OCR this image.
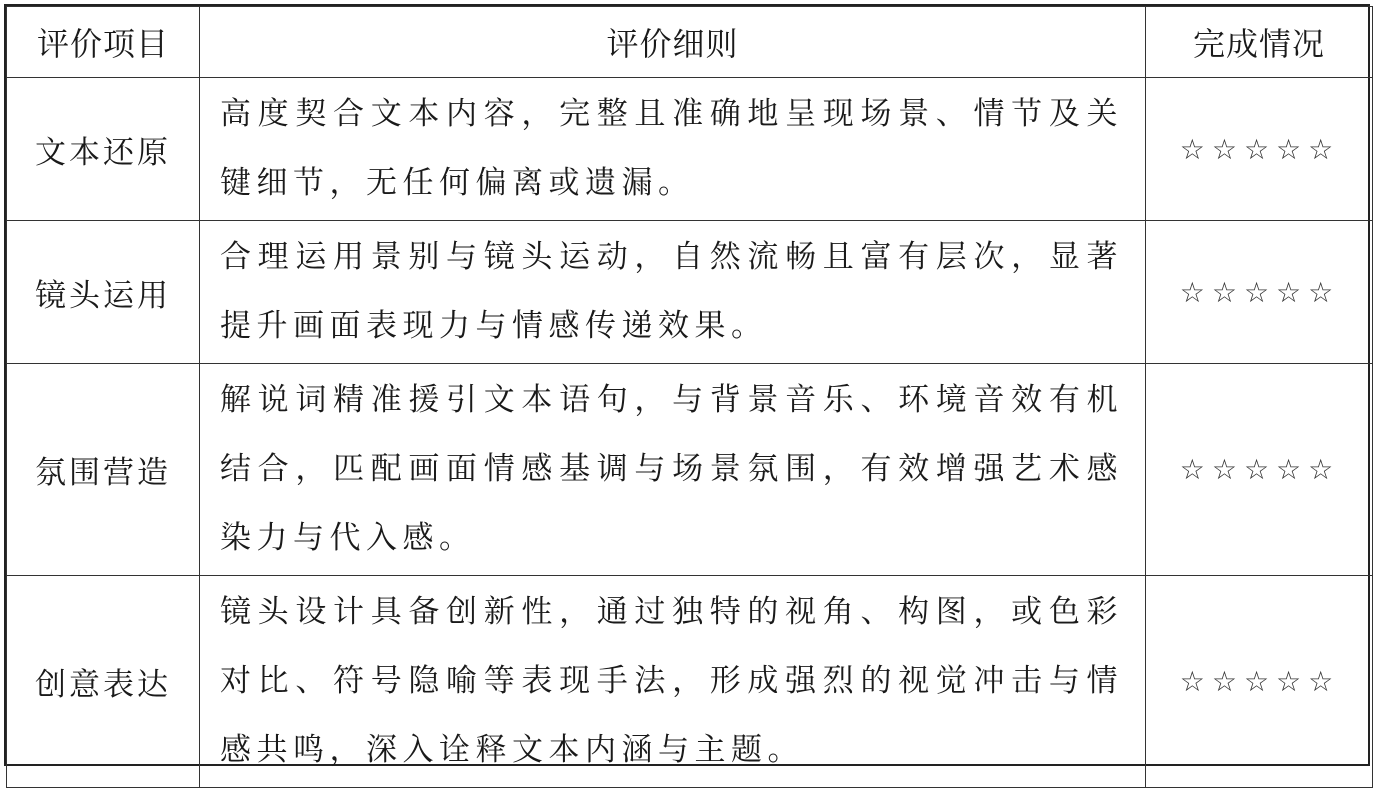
评价项目	评价细则	完成情况
文本还原	高度契合文本内容，完整且准确地呈现场景、情节及关键细节，无任何偏离或遗漏。	☆☆☆☆☆
镜头运用	合理运用景别与镜头运动，自然流畅且富有层次，显著提升画面表现力与情感传递效果。	☆☆☆☆☆
氛围营造	解说词精准援引文本语句，与背景音乐、环境音效有机结合，匹配画面情感基调与场景氛围，有效增强艺术感染力与代入感。	☆☆☆☆☆
创意表达	镜头设计具备创新性，通过独特的视角、构图，或色彩对比、符号隐喻等表现手法，形成强烈的视觉冲击与情感共鸣，深入诠释文本内涵与主题。	☆☆☆☆☆
